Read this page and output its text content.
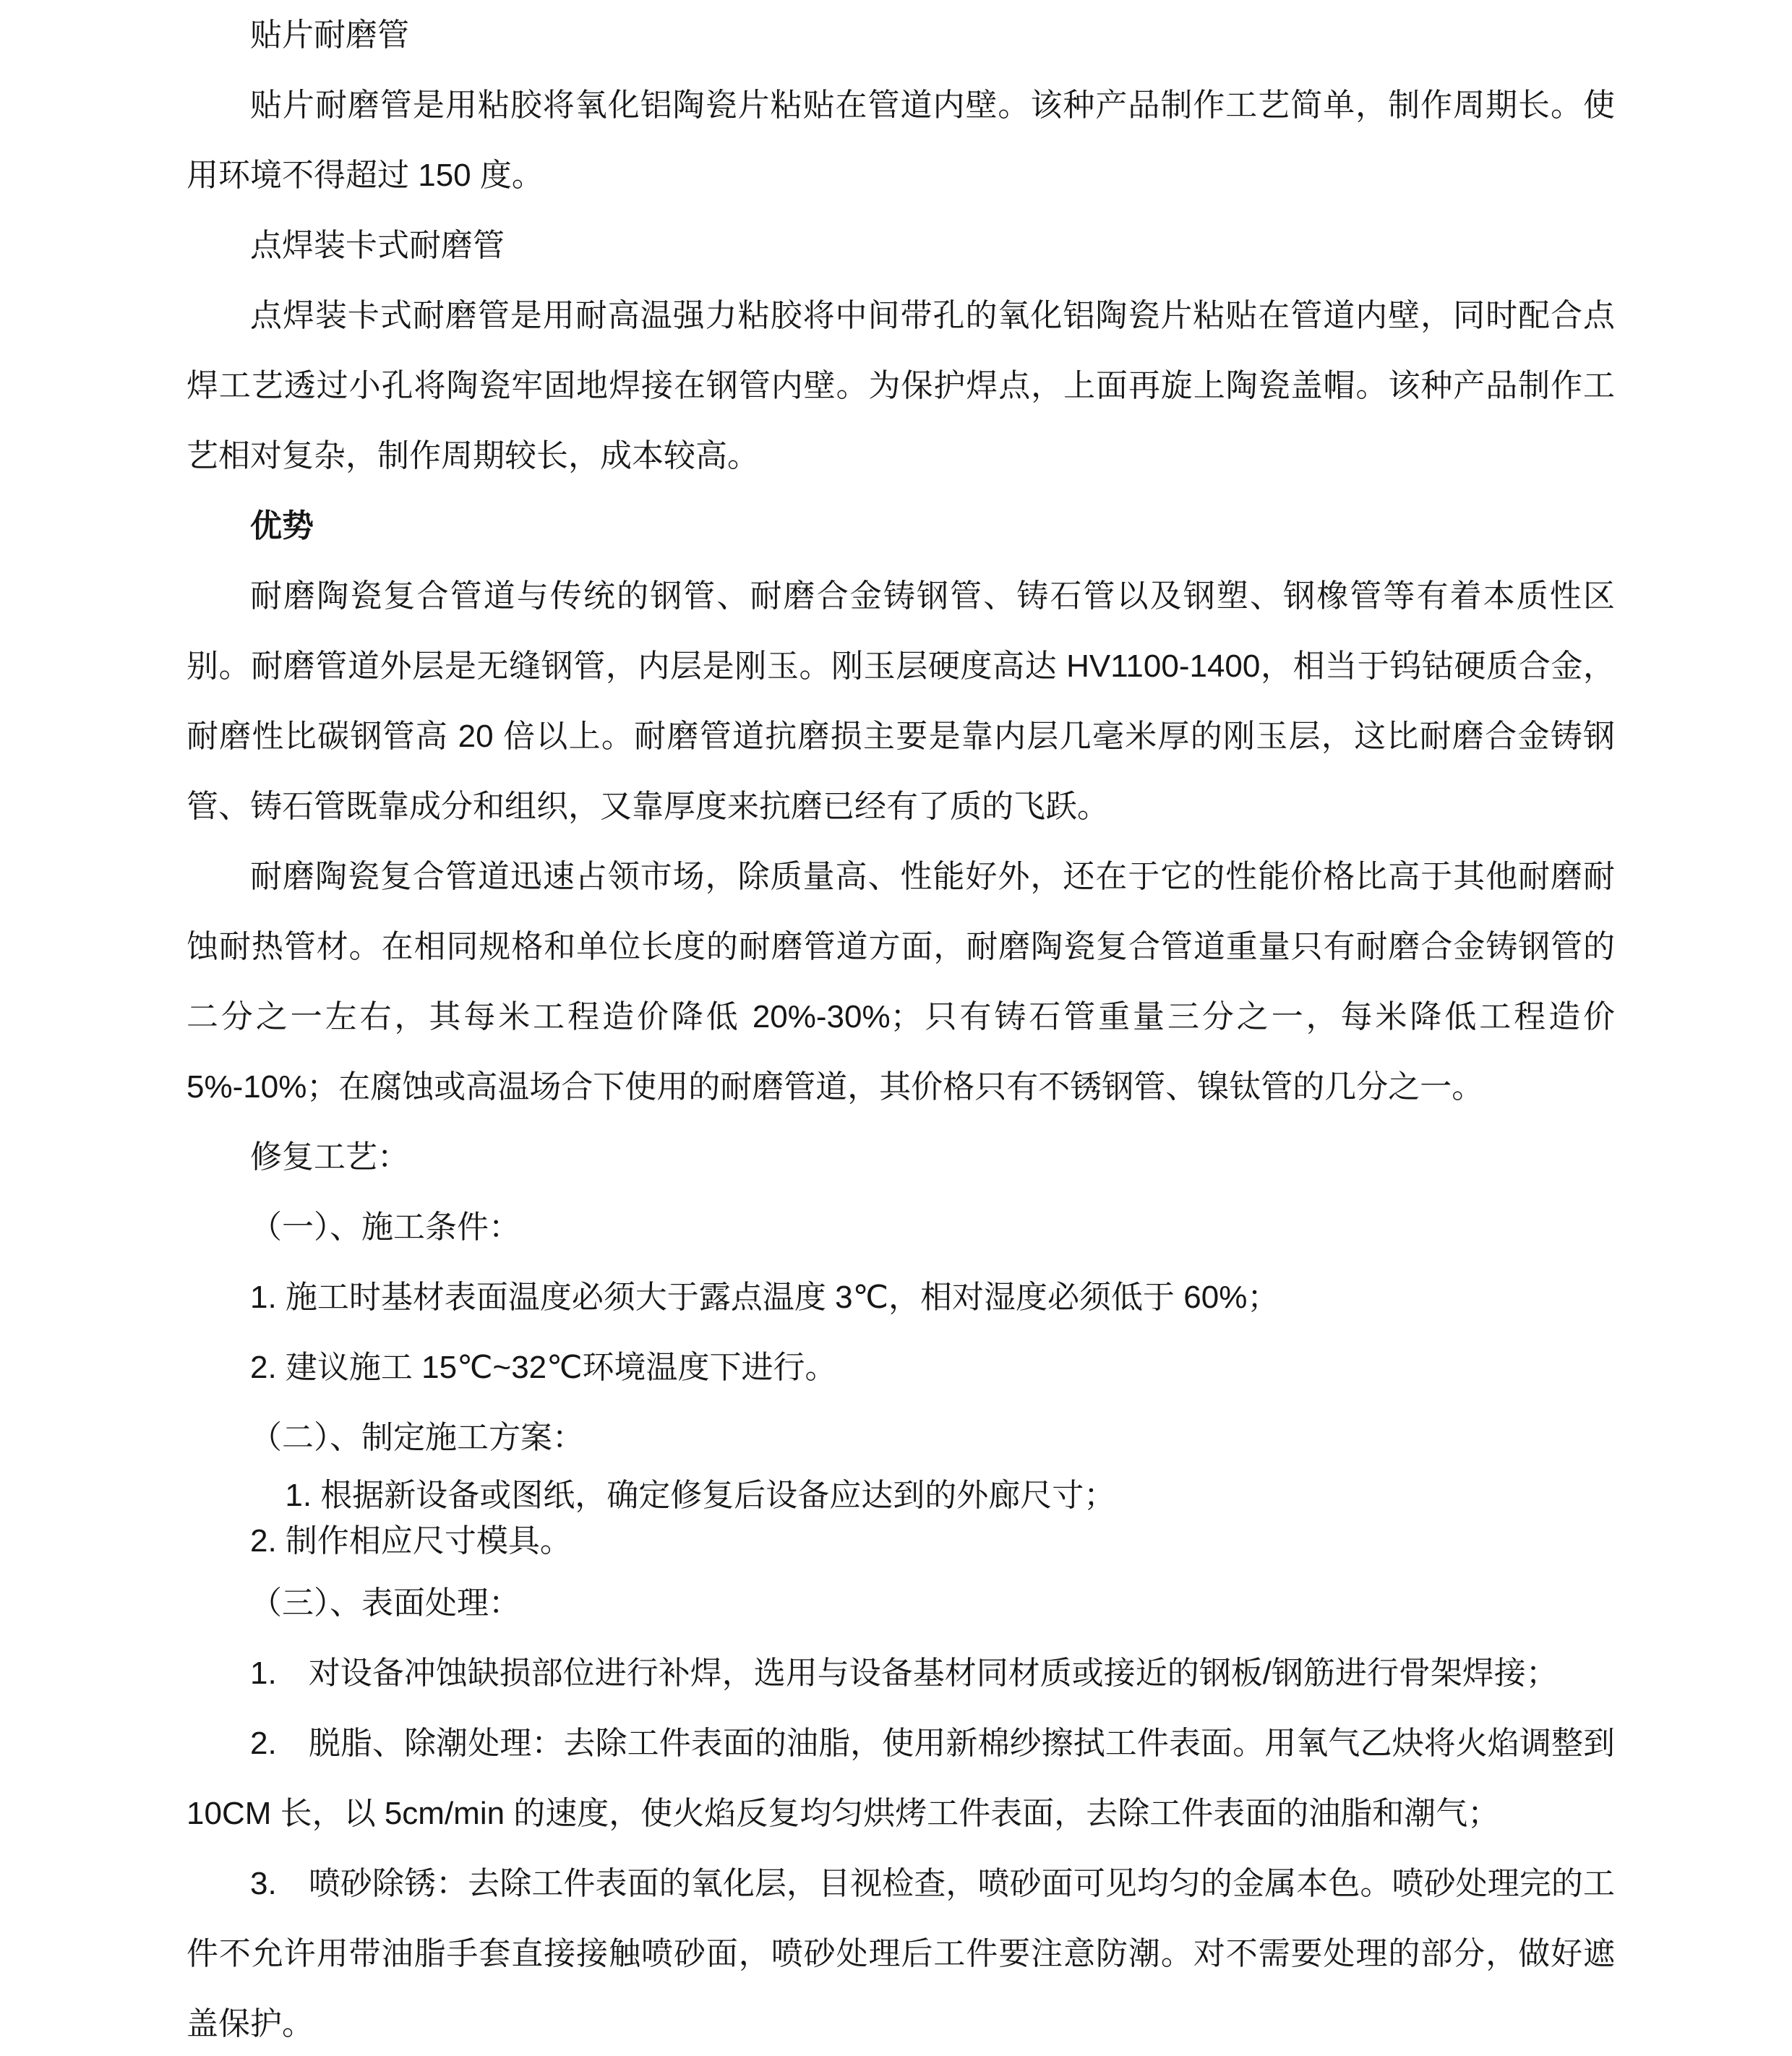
贴片耐磨管

贴片耐磨管是用粘胶将氧化铝陶瓷片粘贴在管道内壁。该种产品制作工艺简单，制作周期长。使用环境不得超过 150 度。

点焊装卡式耐磨管

点焊装卡式耐磨管是用耐高温强力粘胶将中间带孔的氧化铝陶瓷片粘贴在管道内壁，同时配合点焊工艺透过小孔将陶瓷牢固地焊接在钢管内壁。为保护焊点，上面再旋上陶瓷盖帽。该种产品制作工艺相对复杂，制作周期较长，成本较高。

优势

耐磨陶瓷复合管道与传统的钢管、耐磨合金铸钢管、铸石管以及钢塑、钢橡管等有着本质性区别。耐磨管道外层是无缝钢管，内层是刚玉。刚玉层硬度高达 HV1100-1400，相当于钨钴硬质合金，耐磨性比碳钢管高 20 倍以上。耐磨管道抗磨损主要是靠内层几毫米厚的刚玉层，这比耐磨合金铸钢管、铸石管既靠成分和组织，又靠厚度来抗磨已经有了质的飞跃。

耐磨陶瓷复合管道迅速占领市场，除质量高、性能好外，还在于它的性能价格比高于其他耐磨耐蚀耐热管材。在相同规格和单位长度的耐磨管道方面，耐磨陶瓷复合管道重量只有耐磨合金铸钢管的二分之一左右，其每米工程造价降低 20%-30%；只有铸石管重量三分之一，每米降低工程造价 5%-10%；在腐蚀或高温场合下使用的耐磨管道，其价格只有不锈钢管、镍钛管的几分之一。

修复工艺：

（一）、施工条件：

1. 施工时基材表面温度必须大于露点温度 3℃，相对湿度必须低于 60%；

2. 建议施工 15℃~32℃环境温度下进行。

（二）、制定施工方案：

1. 根据新设备或图纸，确定修复后设备应达到的外廊尺寸；

2. 制作相应尺寸模具。

（三）、表面处理：

1.　对设备冲蚀缺损部位进行补焊，选用与设备基材同材质或接近的钢板/钢筋进行骨架焊接；

2.　脱脂、除潮处理：去除工件表面的油脂，使用新棉纱擦拭工件表面。用氧气乙炔将火焰调整到 10CM 长，以 5cm/min 的速度，使火焰反复均匀烘烤工件表面，去除工件表面的油脂和潮气；

3.　喷砂除锈：去除工件表面的氧化层，目视检查，喷砂面可见均匀的金属本色。喷砂处理完的工件不允许用带油脂手套直接接触喷砂面，喷砂处理后工件要注意防潮。对不需要处理的部分，做好遮盖保护。
